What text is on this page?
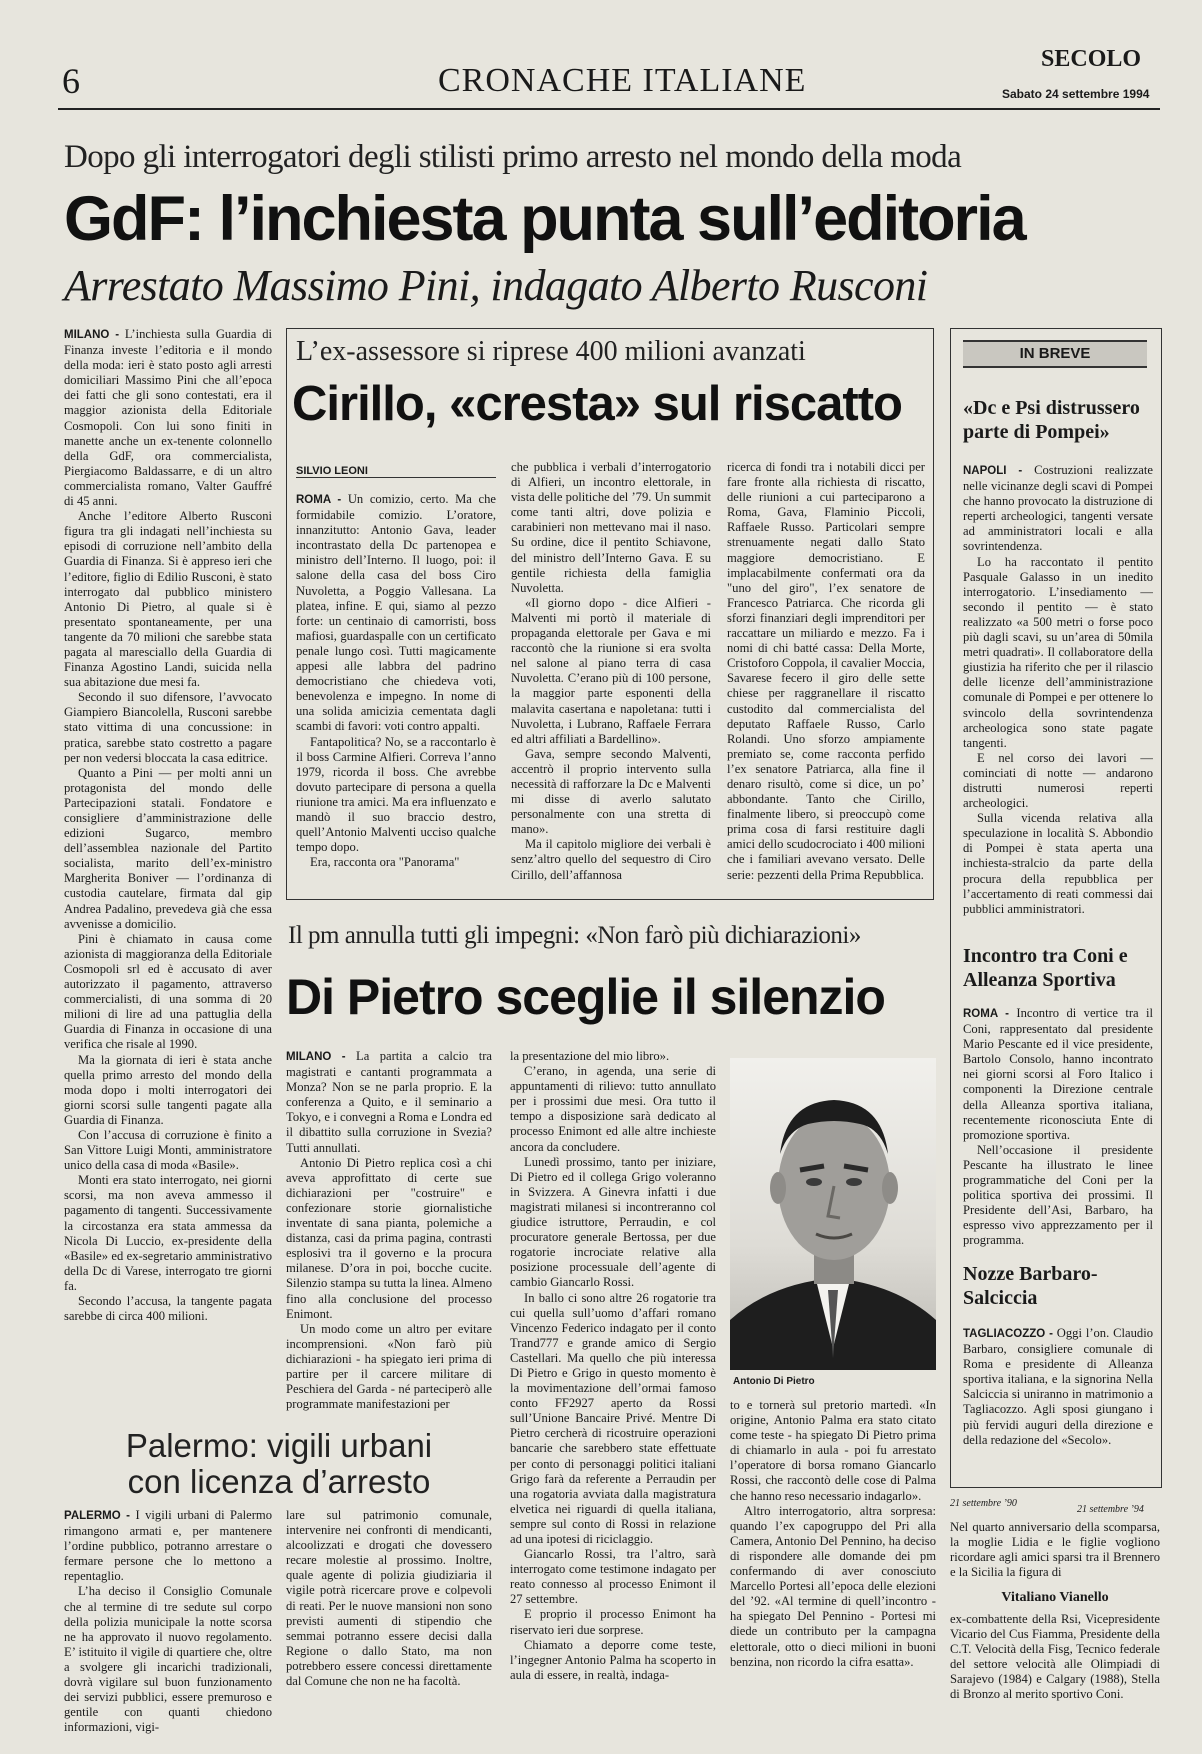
6	CRONACHE ITALIANE
SECOLO
Sabato 24 settembre 1994
Dopo gli interrogatori degli stilisti primo arresto nel mondo della moda
GdF: l’inchiesta punta sull’editoria
Arrestato Massimo Pini, indagato Alberto Rusconi

MILANO - L’inchiesta sulla Guardia di Finanza investe l’editoria e il mondo della moda: ieri è stato posto agli arresti domiciliari Massimo Pini che all’epoca dei fatti che gli sono contestati, era il maggior azionista della Editoriale Cosmopoli. Con lui sono finiti in manette anche un ex-tenente colonnello della GdF, ora commercialista, Piergiacomo Baldassarre, e di un altro commercialista romano, Valter Gauffré di 45 anni.

Anche l’editore Alberto Rusconi figura tra gli indagati nell’inchiesta su episodi di corruzione nell’ambito della Guardia di Finanza. Si è appreso ieri che l’editore, figlio di Edilio Rusconi, è stato interrogato dal pubblico ministero Antonio Di Pietro, al quale si è presentato spontaneamente, per una tangente da 70 milioni che sarebbe stata pagata al maresciallo della Guardia di Finanza Agostino Landi, suicida nella sua abitazione due mesi fa.

Secondo il suo difensore, l’avvocato Giampiero Biancolella, Rusconi sarebbe stato vittima di una concussione: in pratica, sarebbe stato costretto a pagare per non vedersi bloccata la casa editrice.

Quanto a Pini — per molti anni un protagonista del mondo delle Partecipazioni statali. Fondatore e consigliere d’amministrazione delle edizioni Sugarco, membro dell’assemblea nazionale del Partito socialista, marito dell’ex-ministro Margherita Boniver — l’ordinanza di custodia cautelare, firmata dal gip Andrea Padalino, prevedeva già che essa avvenisse a domicilio.

Pini è chiamato in causa come azionista di maggioranza della Editoriale Cosmopoli srl ed è accusato di aver autorizzato il pagamento, attraverso commercialisti, di una somma di 20 milioni di lire ad una pattuglia della Guardia di Finanza in occasione di una verifica che risale al 1990.

Ma la giornata di ieri è stata anche quella primo arresto del mondo della moda dopo i molti interrogatori dei giorni scorsi sulle tangenti pagate alla Guardia di Finanza.

Con l’accusa di corruzione è finito a San Vittore Luigi Monti, amministratore unico della casa di moda «Basile».

Monti era stato interrogato, nei giorni scorsi, ma non aveva ammesso il pagamento di tangenti. Successivamente la circostanza era stata ammessa da Nicola Di Luccio, ex-presidente della «Basile» ed ex-segretario amministrativo della Dc di Varese, interrogato tre giorni fa.

Secondo l’accusa, la tangente pagata sarebbe di circa 400 milioni.

L’ex-assessore si riprese 400 milioni avanzati
Cirillo, «cresta» sul riscatto
SILVIO LEONI

ROMA - Un comizio, certo. Ma che formidabile comizio. L’oratore, innanzitutto: Antonio Gava, leader incontrastato della Dc partenopea e ministro dell’Interno. Il luogo, poi: il salone della casa del boss Ciro Nuvoletta, a Poggio Vallesana. La platea, infine. E qui, siamo al pezzo forte: un centinaio di camorristi, boss mafiosi, guardaspalle con un certificato penale lungo così. Tutti magicamente appesi alle labbra del padrino democristiano che chiedeva voti, benevolenza e impegno. In nome di una solida amicizia cementata dagli scambi di favori: voti contro appalti.

Fantapolitica? No, se a raccontarlo è il boss Carmine Alfieri. Correva l’anno 1979, ricorda il boss. Che avrebbe dovuto partecipare di persona a quella riunione tra amici. Ma era influenzato e mandò il suo braccio destro, quell’Antonio Malventi ucciso qualche tempo dopo.

Era, racconta ora "Panorama"

che pubblica i verbali d’interrogatorio di Alfieri, un incontro elettorale, in vista delle politiche del ’79. Un summit come tanti altri, dove polizia e carabinieri non mettevano mai il naso. Su ordine, dice il pentito Schiavone, del ministro dell’Interno Gava. E su gentile richiesta della famiglia Nuvoletta.

«Il giorno dopo - dice Alfieri - Malventi mi portò il materiale di propaganda elettorale per Gava e mi raccontò che la riunione si era svolta nel salone al piano terra di casa Nuvoletta. C’erano più di 100 persone, la maggior parte esponenti della malavita casertana e napoletana: tutti i Nuvoletta, i Lubrano, Raffaele Ferrara ed altri affiliati a Bardellino».

Gava, sempre secondo Malventi, accentrò il proprio intervento sulla necessità di rafforzare la Dc e Malventi mi disse di averlo salutato personalmente con una stretta di mano».

Ma il capitolo migliore dei verbali è senz’altro quello del sequestro di Ciro Cirillo, dell’affannosa

ricerca di fondi tra i notabili dicci per fare fronte alla richiesta di riscatto, delle riunioni a cui parteciparono a Roma, Gava, Flaminio Piccoli, Raffaele Russo. Particolari sempre strenuamente negati dallo Stato maggiore democristiano. E implacabilmente confermati ora da "uno del giro", l’ex senatore de Francesco Patriarca. Che ricorda gli sforzi finanziari degli imprenditori per raccattare un miliardo e mezzo. Fa i nomi di chi batté cassa: Della Morte, Cristoforo Coppola, il cavalier Moccia, Savarese fecero il giro delle sette chiese per raggranellare il riscatto custodito dal commercialista del deputato Raffaele Russo, Carlo Rolandi. Uno sforzo ampiamente premiato se, come racconta perfido l’ex senatore Patriarca, alla fine il denaro risultò, come si dice, un po’ abbondante. Tanto che Cirillo, finalmente libero, si preoccupò come prima cosa di farsi restituire dagli amici dello scudocrociato i 400 milioni che i familiari avevano versato. Delle serie: pezzenti della Prima Repubblica.

Il pm annulla tutti gli impegni: «Non farò più dichiarazioni»
Di Pietro sceglie il silenzio

MILANO - La partita a calcio tra magistrati e cantanti programmata a Monza? Non se ne parla proprio. E la conferenza a Quito, e il seminario a Tokyo, e i convegni a Roma e Londra ed il dibattito sulla corruzione in Svezia? Tutti annullati.

Antonio Di Pietro replica così a chi aveva approfittato di certe sue dichiarazioni per "costruire" e confezionare storie giornalistiche inventate di sana pianta, polemiche a distanza, casi da prima pagina, contrasti esplosivi tra il governo e la procura milanese. D’ora in poi, bocche cucite. Silenzio stampa su tutta la linea. Almeno fino alla conclusione del processo Enimont.

Un modo come un altro per evitare incomprensioni. «Non farò più dichiarazioni - ha spiegato ieri prima di partire per il carcere militare di Peschiera del Garda - né parteciperò alle programmate manifestazioni per

la presentazione del mio libro».

C’erano, in agenda, una serie di appuntamenti di rilievo: tutto annullato per i prossimi due mesi. Ora tutto il tempo a disposizione sarà dedicato al processo Enimont ed alle altre inchieste ancora da concludere.

Lunedì prossimo, tanto per iniziare, Di Pietro ed il collega Grigo voleranno in Svizzera. A Ginevra infatti i due magistrati milanesi si incontreranno col giudice istruttore, Perraudin, e col procuratore generale Bertossa, per due rogatorie incrociate relative alla posizione processuale dell’agente di cambio Giancarlo Rossi.

In ballo ci sono altre 26 rogatorie tra cui quella sull’uomo d’affari romano Vincenzo Federico indagato per il conto Trand777 e grande amico di Sergio Castellari. Ma quello che più interessa Di Pietro e Grigo in questo momento è la movimentazione dell’ormai famoso conto FF2927 aperto da Rossi sull’Unione Bancaire Privé. Mentre Di Pietro cercherà di ricostruire operazioni bancarie che sarebbero state effettuate per conto di personaggi politici italiani Grigo farà da referente a Perraudin per una rogatoria avviata dalla magistratura elvetica nei riguardi di quella italiana, sempre sul conto di Rossi in relazione ad una ipotesi di riciclaggio.

Giancarlo Rossi, tra l’altro, sarà interrogato come testimone indagato per reato connesso al processo Enimont il 27 settembre.

E proprio il processo Enimont ha riservato ieri due sorprese.

Chiamato a deporre come teste, l’ingegner Antonio Palma ha scoperto in aula di essere, in realtà, indaga-

Antonio Di Pietro

to e tornerà sul pretorio martedì. «In origine, Antonio Palma era stato citato come teste - ha spiegato Di Pietro prima di chiamarlo in aula - poi fu arrestato l’operatore di borsa romano Giancarlo Rossi, che raccontò delle cose di Palma che hanno reso necessario indagarlo».

Altro interrogatorio, altra sorpresa: quando l’ex capogruppo del Pri alla Camera, Antonio Del Pennino, ha deciso di rispondere alle domande dei pm confermando di aver conosciuto Marcello Portesi all’epoca delle elezioni del ’92. «Al termine di quell’incontro - ha spiegato Del Pennino - Portesi mi diede un contributo per la campagna elettorale, otto o dieci milioni in buoni benzina, non ricordo la cifra esatta».

Palermo: vigili urbani
con licenza d’arresto

PALERMO - I vigili urbani di Palermo rimangono armati e, per mantenere l’ordine pubblico, potranno arrestare o fermare persone che lo mettono a repentaglio.

L’ha deciso il Consiglio Comunale che al termine di tre sedute sul corpo della polizia municipale la notte scorsa ne ha approvato il nuovo regolamento. E’ istituito il vigile di quartiere che, oltre a svolgere gli incarichi tradizionali, dovrà vigilare sul buon funzionamento dei servizi pubblici, essere premuroso e gentile con quanti chiedono informazioni, vigi-

lare sul patrimonio comunale, intervenire nei confronti di mendicanti, alcoolizzati e drogati che dovessero recare molestie al prossimo. Inoltre, quale agente di polizia giudiziaria il vigile potrà ricercare prove e colpevoli di reati. Per le nuove mansioni non sono previsti aumenti di stipendio che semmai potranno essere decisi dalla Regione o dallo Stato, ma non potrebbero essere concessi direttamente dal Comune che non ne ha facoltà.

IN BREVE
«Dc e Psi distrussero parte di Pompei»

NAPOLI - Costruzioni realizzate nelle vicinanze degli scavi di Pompei che hanno provocato la distruzione di reperti archeologici, tangenti versate ad amministratori locali e alla sovrintendenza.

Lo ha raccontato il pentito Pasquale Galasso in un inedito interrogatorio. L’insediamento — secondo il pentito — è stato realizzato «a 500 metri o forse poco più dagli scavi, su un’area di 50mila metri quadrati». Il collaboratore della giustizia ha riferito che per il rilascio delle licenze dell’amministrazione comunale di Pompei e per ottenere lo svincolo della sovrintendenza archeologica sono state pagate tangenti.

E nel corso dei lavori — cominciati di notte — andarono distrutti numerosi reperti archeologici.

Sulla vicenda relativa alla speculazione in località S. Abbondio di Pompei è stata aperta una inchiesta-stralcio da parte della procura della repubblica per l’accertamento di reati commessi dai pubblici amministratori.

Incontro tra Coni e Alleanza Sportiva

ROMA - Incontro di vertice tra il Coni, rappresentato dal presidente Mario Pescante ed il vice presidente, Bartolo Consolo, hanno incontrato nei giorni scorsi al Foro Italico i componenti la Direzione centrale della Alleanza sportiva italiana, recentemente riconosciuta Ente di promozione sportiva.

Nell’occasione il presidente Pescante ha illustrato le linee programmatiche del Coni per la politica sportiva dei prossimi. Il Presidente dell’Asi, Barbaro, ha espresso vivo apprezzamento per il programma.

Nozze Barbaro-Salciccia

TAGLIACOZZO - Oggi l’on. Claudio Barbaro, consigliere comunale di Roma e presidente di Alleanza sportiva italiana, e la signorina Nella Salciccia si uniranno in matrimonio a Tagliacozzo. Agli sposi giungano i più fervidi auguri della direzione e della redazione del «Secolo».

21 settembre ’90
21 settembre ’94

Nel quarto anniversario della scomparsa, la moglie Lidia e le figlie vogliono ricordare agli amici sparsi tra il Brennero e la Sicilia la figura di

Vitaliano Vianello

ex-combattente della Rsi, Vicepresidente Vicario del Cus Fiamma, Presidente della C.T. Velocità della Fisg, Tecnico federale del settore velocità alle Olimpiadi di Sarajevo (1984) e Calgary (1988), Stella di Bronzo al merito sportivo Coni.
